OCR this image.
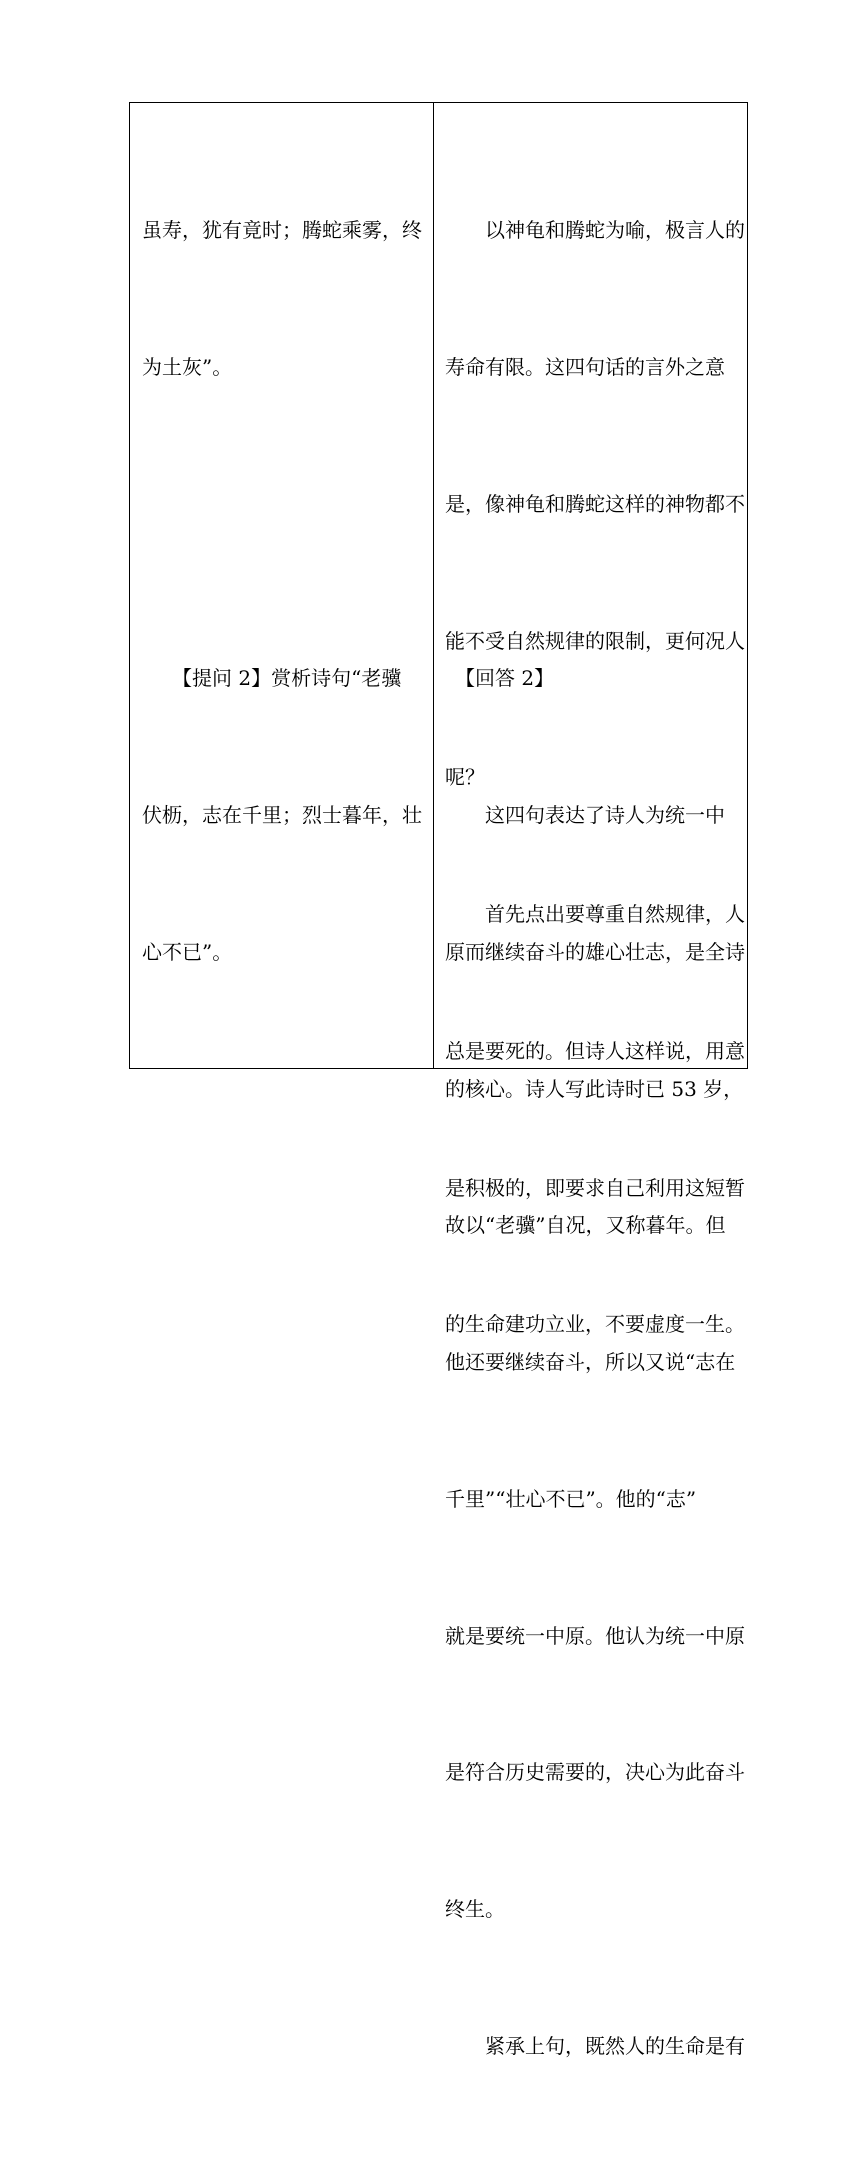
虽寿，犹有竟时；腾蛇乘雾，终

为土灰”。

　　【提问 2】赏析诗句“老骥

伏枥，志在千里；烈士暮年，壮

心不已”。

　　以神龟和腾蛇为喻，极言人的

寿命有限。这四句话的言外之意

是，像神龟和腾蛇这样的神物都不

能不受自然规律的限制，更何况人

呢？

　　首先点出要尊重自然规律，人

总是要死的。但诗人这样说，用意

是积极的，即要求自己利用这短暂

的生命建功立业，不要虚度一生。

　【回答 2】

　　这四句表达了诗人为统一中

原而继续奋斗的雄心壮志，是全诗

的核心。诗人写此诗时已 53 岁，

故以“老骥”自况，又称暮年。但

他还要继续奋斗，所以又说“志在

千里”“壮心不已”。他的“志”

就是要统一中原。他认为统一中原

是符合历史需要的，决心为此奋斗

终生。

　　紧承上句，既然人的生命是有
